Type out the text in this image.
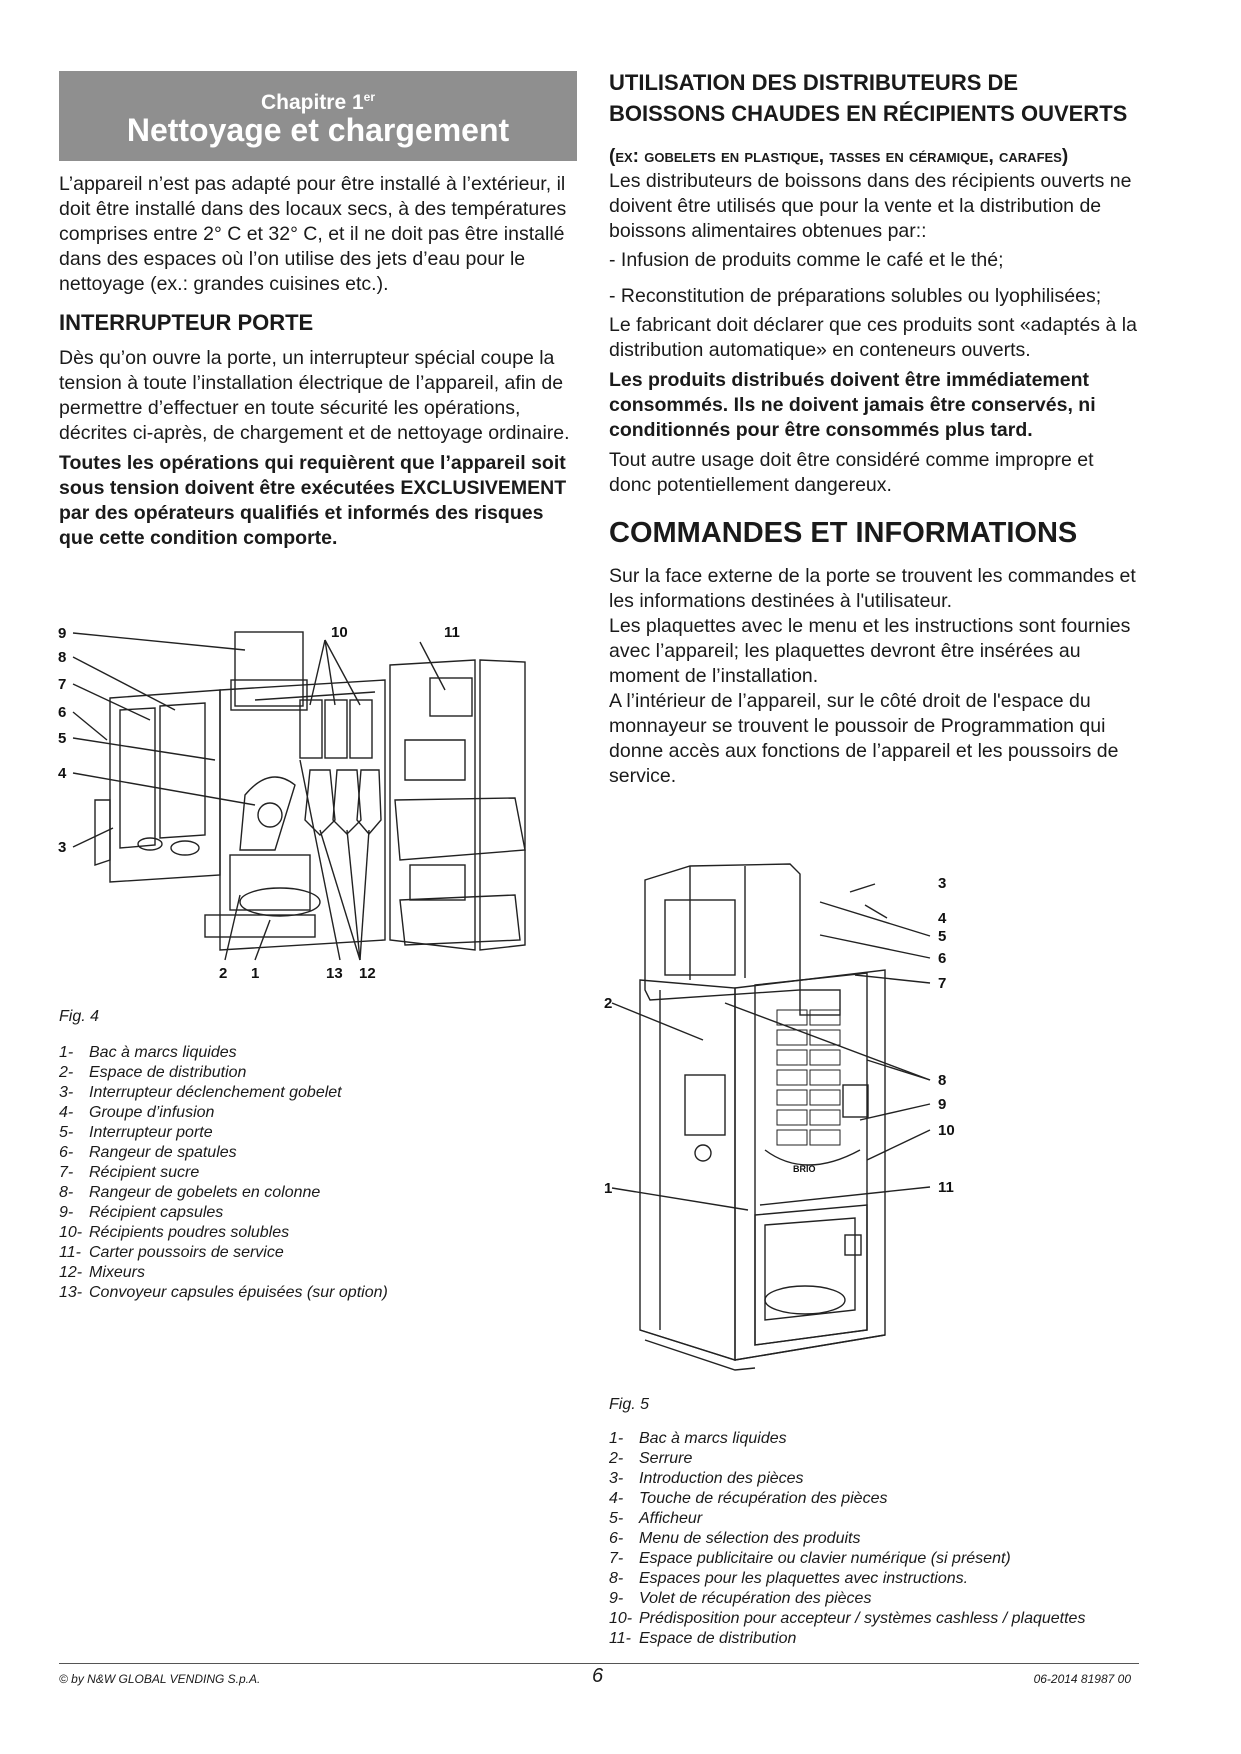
Chapitre 1er
Nettoyage et chargement

L’appareil n’est pas adapté pour être installé à l’extérieur, il doit être installé dans des locaux secs, à des températures comprises entre 2° C et 32° C, et il ne doit pas être installé dans des espaces où l’on utilise des jets d’eau pour le nettoyage (ex.: grandes cuisines etc.).

INTERRUPTEUR PORTE

Dès qu’on ouvre la porte, un interrupteur spécial coupe la tension à toute l’installation électrique de l’appareil, afin de permettre d’effectuer en toute sécurité les opérations, décrites ci-après, de chargement et de nettoyage ordinaire.

Toutes les opérations qui requièrent que l’appareil soit sous tension doivent être exécutées EXCLUSIVEMENT par des opérateurs qualifiés et informés des risques que cette condition comporte.

9
8
7
6
5
4
3
10	11
2 1	13 12
Fig. 4
1- Bac à marcs liquides
2- Espace de distribution
3- Interrupteur déclenchement gobelet
4- Groupe d’infusion
5- Interrupteur porte
6- Rangeur de spatules
7- Récipient sucre
8- Rangeur de gobelets en colonne
9- Récipient capsules
10- Récipients poudres solubles
11- Carter poussoirs de service
12- Mixeurs
13- Convoyeur capsules épuisées (sur option)
UTILISATION DES DISTRIBUTEURS DE BOISSONS CHAUDES EN RÉCIPIENTS OUVERTS

(ex: gobelets en plastique, tasses en céramique, carafes)

Les distributeurs de boissons dans des récipients ouverts ne doivent être utilisés que pour la vente et la distribution de boissons alimentaires obtenues par::

- Infusion de produits comme le café et le thé;

- Reconstitution de préparations solubles ou lyophilisées;

Le fabricant doit déclarer que ces produits sont «adaptés à la distribution automatique» en conteneurs ouverts.

Les produits distribués doivent être immédiatement consommés. Ils ne doivent jamais être conservés, ni conditionnés pour être consommés plus tard.

Tout autre usage doit être considéré comme impropre et donc potentiellement dangereux.

COMMANDES ET INFORMATIONS

Sur la face externe de la porte se trouvent les commandes et les informations destinées à l'utilisateur.

Les plaquettes avec le menu et les instructions sont fournies avec l’appareil; les plaquettes devront être insérées au moment de l’installation.

A l’intérieur de l’appareil, sur le côté droit de l'espace du monnayeur se trouvent le poussoir de Programmation qui donne accès aux fonctions de l’appareil et les poussoirs de service.

BRIO
3
4
5
6
7
2
8
9
10
1	11
Fig. 5
1- Bac à marcs liquides
2- Serrure
3- Introduction des pièces
4- Touche de récupération des pièces
5- Afficheur
6- Menu de sélection des produits
7- Espace publicitaire ou clavier numérique (si présent)
8- Espaces pour les plaquettes avec instructions.
9- Volet de récupération des pièces
10- Prédisposition pour accepteur / systèmes cashless / plaquettes
11- Espace de distribution
© by N&W GLOBAL VENDING S.p.A.	6	06-2014 81987 00
